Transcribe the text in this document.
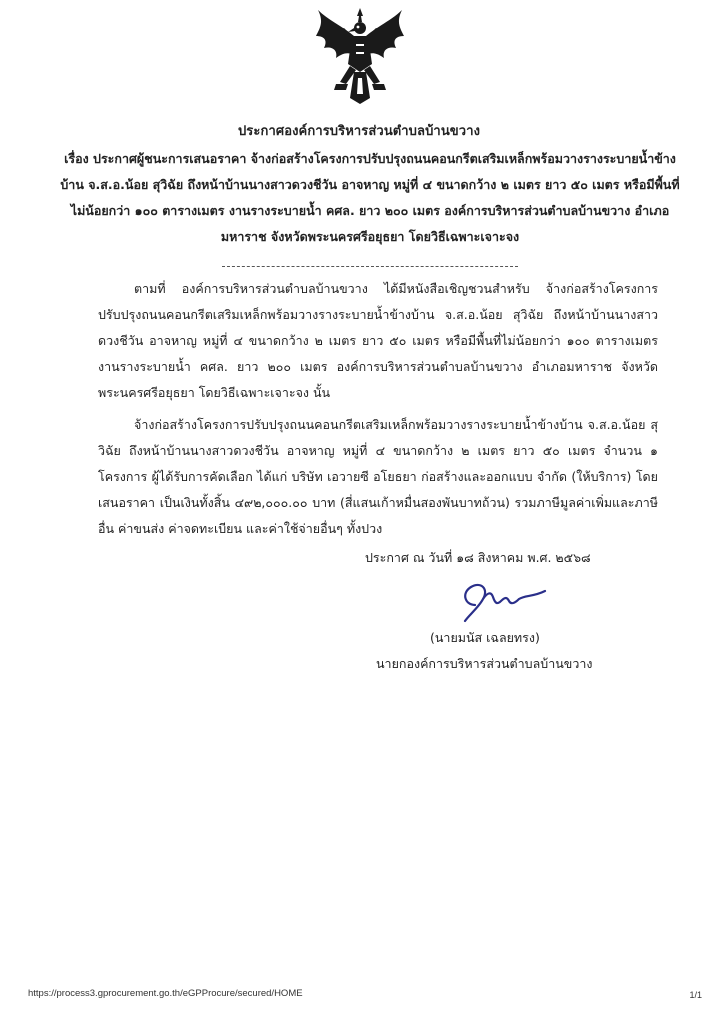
ประกาศองค์การบริหารส่วนตำบลบ้านขวาง
เรื่อง ประกาศผู้ชนะการเสนอราคา จ้างก่อสร้างโครงการปรับปรุงถนนคอนกรีตเสริมเหล็กพร้อมวางรางระบายน้ำข้างบ้าน จ.ส.อ.น้อย สุวิฉัย ถึงหน้าบ้านนางสาวดวงชีวัน อาจหาญ หมู่ที่ ๔ ขนาดกว้าง ๒ เมตร ยาว ๕๐ เมตร หรือมีพื้นที่ไม่น้อยกว่า ๑๐๐ ตารางเมตร งานรางระบายน้ำ คศล. ยาว ๒๐๐ เมตร องค์การบริหารส่วนตำบลบ้านขวาง อำเภอมหาราช จังหวัดพระนครศรีอยุธยา โดยวิธีเฉพาะเจาะจง

ตามที่ องค์การบริหารส่วนตำบลบ้านขวาง ได้มีหนังสือเชิญชวนสำหรับ จ้างก่อสร้างโครงการปรับปรุงถนนคอนกรีตเสริมเหล็กพร้อมวางรางระบายน้ำข้างบ้าน จ.ส.อ.น้อย สุวิฉัย ถึงหน้าบ้านนางสาวดวงชีวัน อาจหาญ หมู่ที่ ๔ ขนาดกว้าง ๒ เมตร ยาว ๕๐ เมตร หรือมีพื้นที่ไม่น้อยกว่า ๑๐๐ ตารางเมตร งานรางระบายน้ำ คศล. ยาว ๒๐๐ เมตร องค์การบริหารส่วนตำบลบ้านขวาง อำเภอมหาราช จังหวัดพระนครศรีอยุธยา โดยวิธีเฉพาะเจาะจง นั้น

จ้างก่อสร้างโครงการปรับปรุงถนนคอนกรีตเสริมเหล็กพร้อมวางรางระบายน้ำข้างบ้าน จ.ส.อ.น้อย สุวิฉัย ถึงหน้าบ้านนางสาวดวงชีวัน อาจหาญ หมู่ที่ ๔ ขนาดกว้าง ๒ เมตร ยาว ๕๐ เมตร จำนวน ๑ โครงการ ผู้ได้รับการคัดเลือก ได้แก่ บริษัท เอวายซี อโยธยา ก่อสร้างและออกแบบ จำกัด (ให้บริการ) โดยเสนอราคา เป็นเงินทั้งสิ้น ๔๙๒,๐๐๐.๐๐ บาท (สี่แสนเก้าหมื่นสองพันบาทถ้วน) รวมภาษีมูลค่าเพิ่มและภาษีอื่น ค่าขนส่ง ค่าจดทะเบียน และค่าใช้จ่ายอื่นๆ ทั้งปวง

ประกาศ ณ วันที่ ๑๘ สิงหาคม พ.ศ. ๒๕๖๘
(นายมนัส เฉลยทรง)
นายกองค์การบริหารส่วนตำบลบ้านขวาง
https://process3.gprocurement.go.th/eGPProcure/secured/HOME	1/1
